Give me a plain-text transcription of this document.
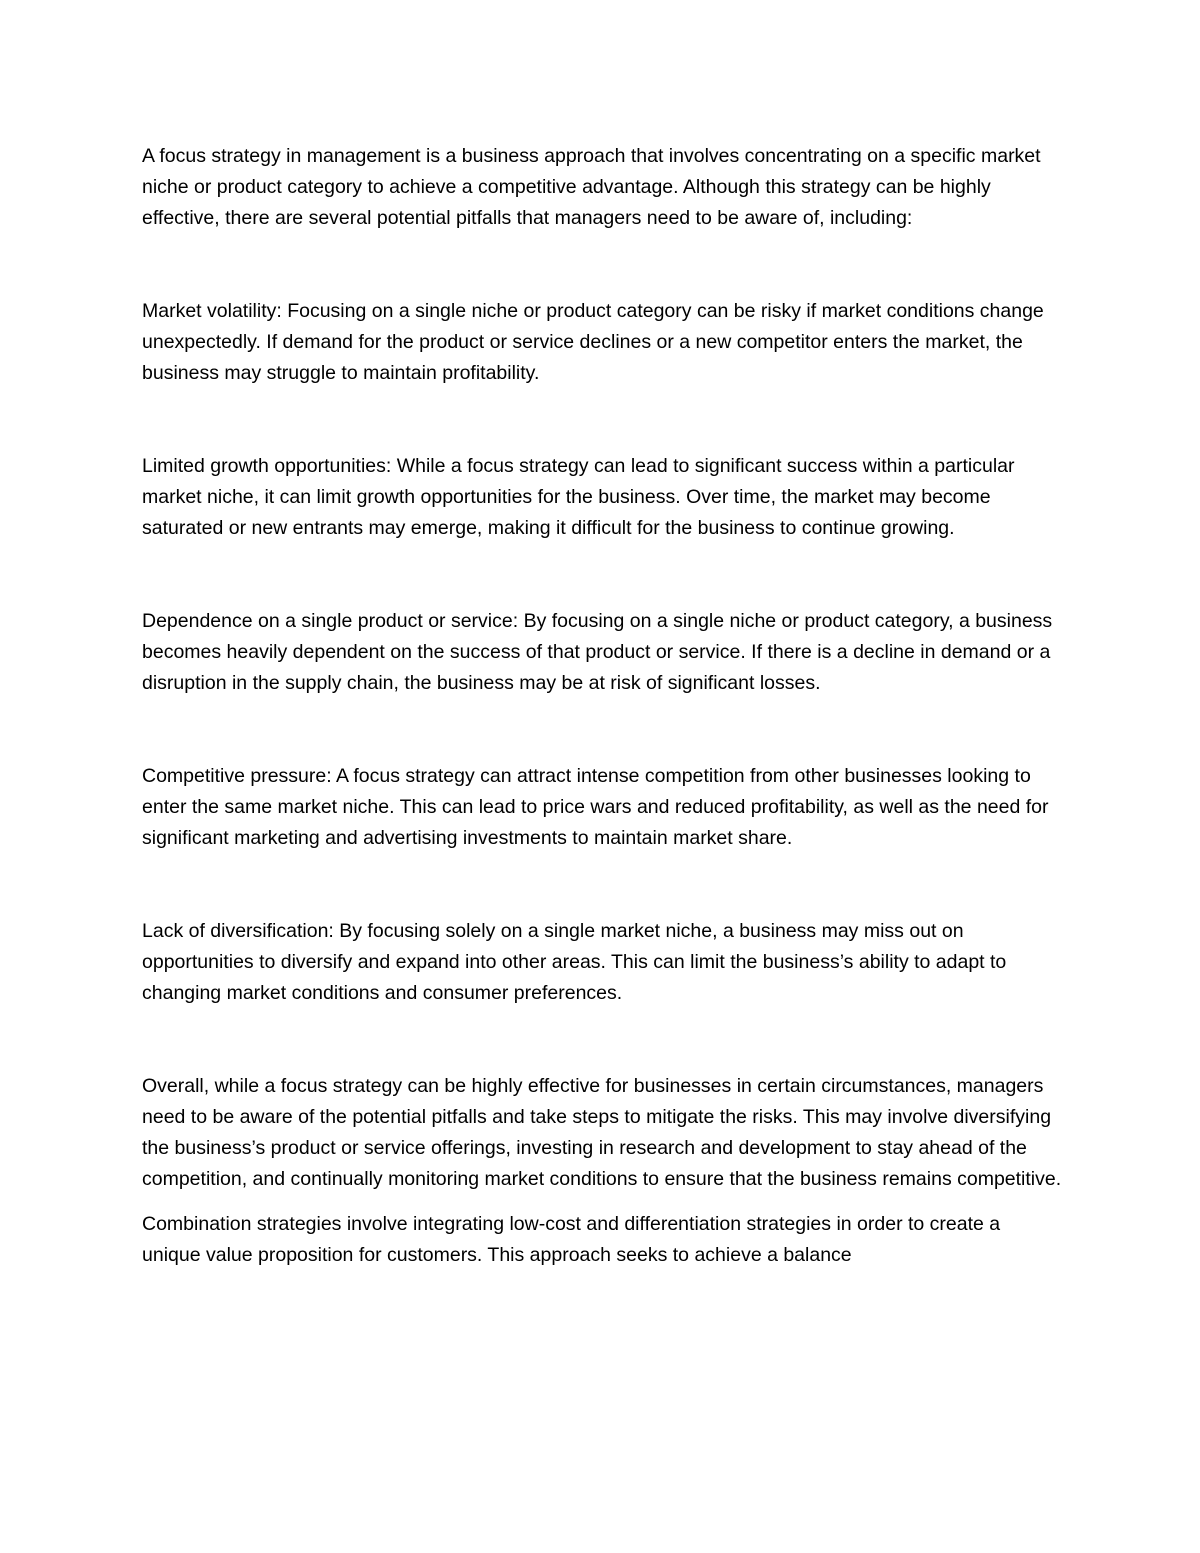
A focus strategy in management is a business approach that involves concentrating on a specific market niche or product category to achieve a competitive advantage. Although this strategy can be highly effective, there are several potential pitfalls that managers need to be aware of, including:

Market volatility: Focusing on a single niche or product category can be risky if market conditions change unexpectedly. If demand for the product or service declines or a new competitor enters the market, the business may struggle to maintain profitability.

Limited growth opportunities: While a focus strategy can lead to significant success within a particular market niche, it can limit growth opportunities for the business. Over time, the market may become saturated or new entrants may emerge, making it difficult for the business to continue growing.

Dependence on a single product or service: By focusing on a single niche or product category, a business becomes heavily dependent on the success of that product or service. If there is a decline in demand or a disruption in the supply chain, the business may be at risk of significant losses.

Competitive pressure: A focus strategy can attract intense competition from other businesses looking to enter the same market niche. This can lead to price wars and reduced profitability, as well as the need for significant marketing and advertising investments to maintain market share.

Lack of diversification: By focusing solely on a single market niche, a business may miss out on opportunities to diversify and expand into other areas. This can limit the business’s ability to adapt to changing market conditions and consumer preferences.

Overall, while a focus strategy can be highly effective for businesses in certain circumstances, managers need to be aware of the potential pitfalls and take steps to mitigate the risks. This may involve diversifying the business’s product or service offerings, investing in research and development to stay ahead of the competition, and continually monitoring market conditions to ensure that the business remains competitive.

Combination strategies involve integrating low-cost and differentiation strategies in order to create a unique value proposition for customers. This approach seeks to achieve a balance
